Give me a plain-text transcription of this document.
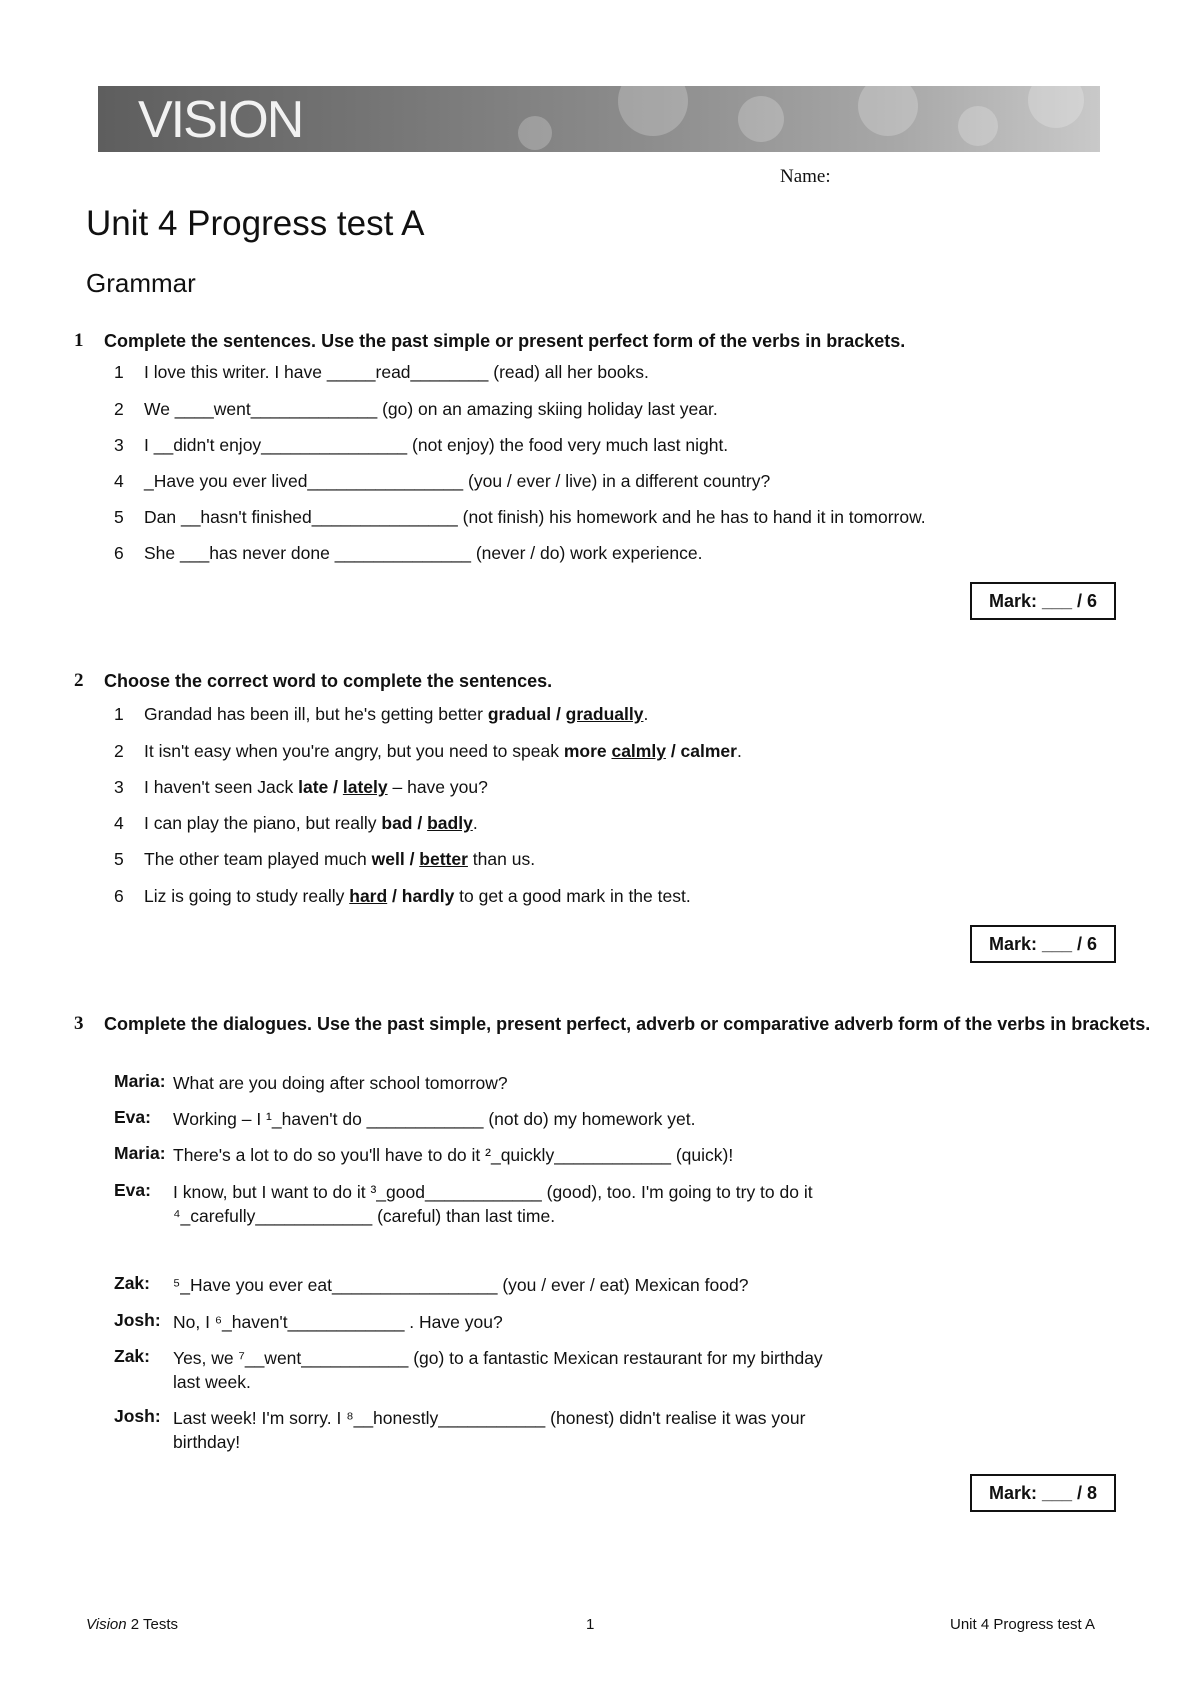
VISION
Name:
Unit 4 Progress test A
Grammar
1 Complete the sentences. Use the past simple or present perfect form of the verbs in brackets.
1 I love this writer. I have _____read________ (read) all her books.
2 We ____went_____________ (go) on an amazing skiing holiday last year.
3 I __didn't enjoy_______________ (not enjoy) the food very much last night.
4 _Have you ever lived________________ (you / ever / live) in a different country?
5 Dan __hasn't finished_______________ (not finish) his homework and he has to hand it in tomorrow.
6 She ___has never done ______________ (never / do) work experience.
Mark: ___ / 6
2 Choose the correct word to complete the sentences.
1 Grandad has been ill, but he's getting better gradual / gradually.
2 It isn't easy when you're angry, but you need to speak more calmly / calmer.
3 I haven't seen Jack late / lately – have you?
4 I can play the piano, but really bad / badly.
5 The other team played much well / better than us.
6 Liz is going to study really hard / hardly to get a good mark in the test.
Mark: ___ / 6
3 Complete the dialogues. Use the past simple, present perfect, adverb or comparative adverb form of the verbs in brackets.
Maria: What are you doing after school tomorrow?
Eva: Working – I ¹_haven't do ____________ (not do) my homework yet.
Maria: There's a lot to do so you'll have to do it ²_quickly____________ (quick)!
Eva: I know, but I want to do it ³_good____________ (good), too. I'm going to try to do it ⁴_carefully____________ (careful) than last time.
Zak: ⁵_Have you ever eat_________________ (you / ever / eat) Mexican food?
Josh: No, I ⁶_haven't____________ . Have you?
Zak: Yes, we ⁷__went___________ (go) to a fantastic Mexican restaurant for my birthday last week.
Josh: Last week! I'm sorry. I ⁸__honestly___________ (honest) didn't realise it was your birthday!
Mark: ___ / 8
Vision 2 Tests	1	Unit 4 Progress test A
